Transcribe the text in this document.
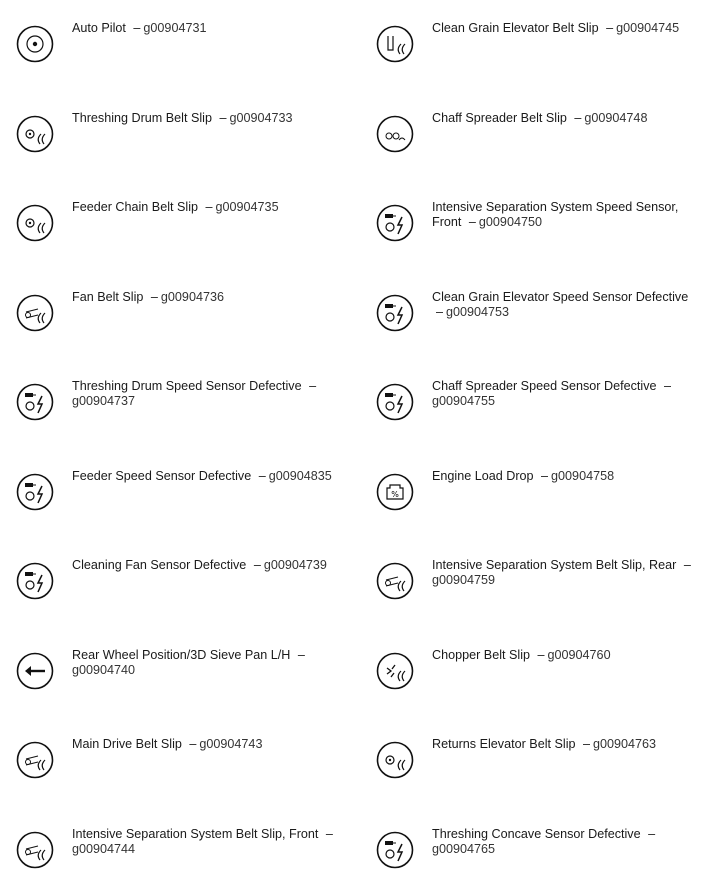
Auto Pilot – g00904731
Threshing Drum Belt Slip – g00904733
Feeder Chain Belt Slip – g00904735
Fan Belt Slip – g00904736
Threshing Drum Speed Sensor Defective –g00904737
Feeder Speed Sensor Defective – g00904835
Cleaning Fan Sensor Defective – g00904739
Rear Wheel Position/3D Sieve Pan L/H –g00904740
Main Drive Belt Slip – g00904743
Intensive Separation System Belt Slip, Front –g00904744
Clean Grain Elevator Belt Slip – g00904745
Chaff Spreader Belt Slip – g00904748
Intensive Separation System Speed Sensor, Front – g00904750
Clean Grain Elevator Speed Sensor Defective – g00904753
Chaff Spreader Speed Sensor Defective –g00904755
%
Engine Load Drop – g00904758
Intensive Separation System Belt Slip, Rear –g00904759
Chopper Belt Slip – g00904760
Returns Elevator Belt Slip – g00904763
Threshing Concave Sensor Defective –g00904765
